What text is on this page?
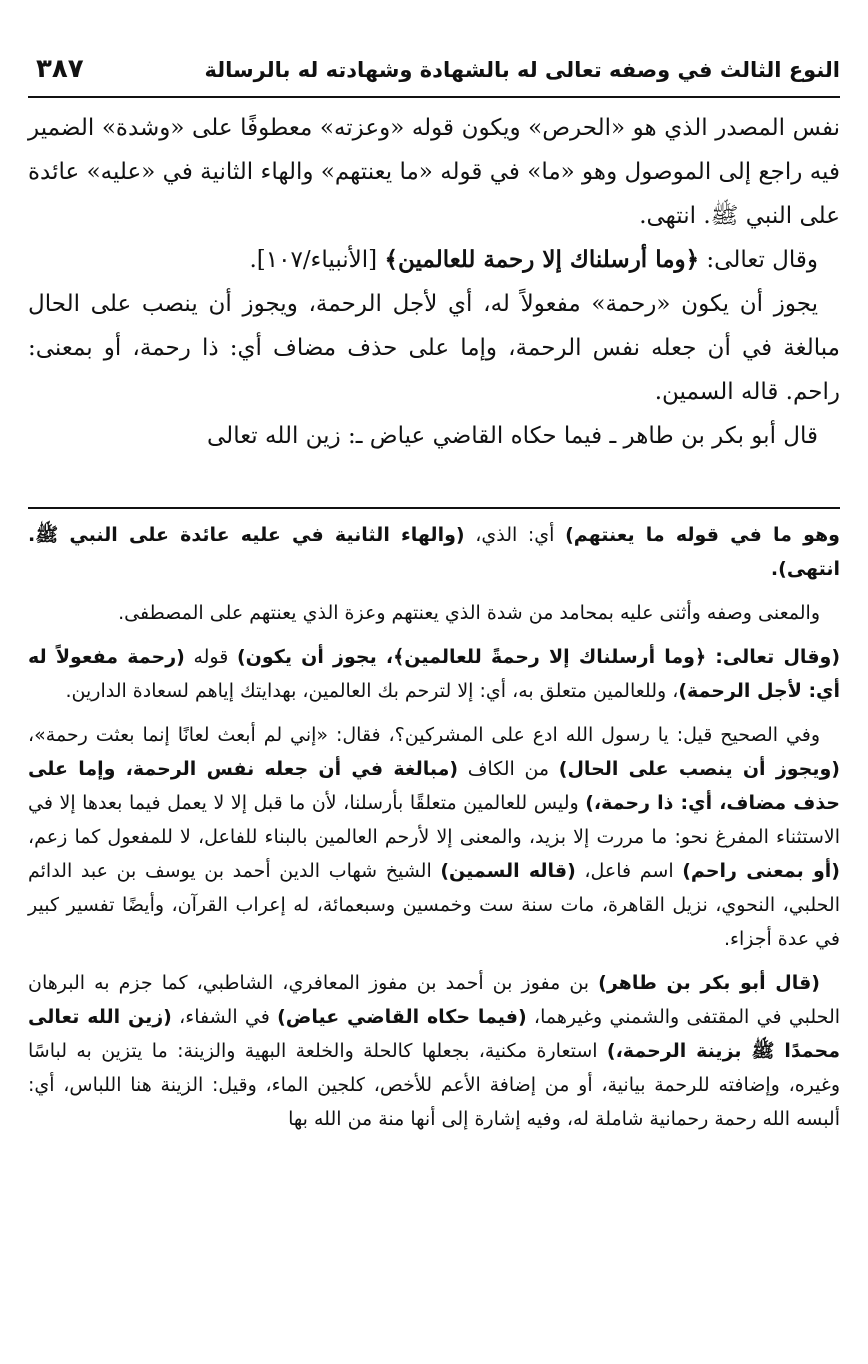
النوع الثالث في وصفه تعالى له بالشهادة وشهادته له بالرسالة
٣٨٧

نفس المصدر الذي هو «الحرص» ويكون قوله «وعزته» معطوفًا على «وشدة» الضمير فيه راجع إلى الموصول وهو «ما» في قوله «ما يعنتهم» والهاء الثانية في «عليه» عائدة على النبي ﷺ. انتهى.

وقال تعالى: ﴿وما أرسلناك إلا رحمة للعالمين﴾ [الأنبياء/١٠٧].

يجوز أن يكون «رحمة» مفعولاً له، أي لأجل الرحمة، ويجوز أن ينصب على الحال مبالغة في أن جعله نفس الرحمة، وإما على حذف مضاف أي: ذا رحمة، أو بمعنى: راحم. قاله السمين.

قال أبو بكر بن طاهر ـ فيما حكاه القاضي عياض ـ: زين الله تعالى

وهو ما في قوله ما يعنتهم) أي: الذي، (والهاء الثانية في عليه عائدة على النبي ﷺ. انتهى).

والمعنى وصفه وأثنى عليه بمحامد من شدة الذي يعنتهم وعزة الذي يعنتهم على المصطفى.

(وقال تعالى: ﴿وما أرسلناك إلا رحمةً للعالمين﴾، يجوز أن يكون) قوله (رحمة مفعولاً له أي: لأجل الرحمة)، وللعالمين متعلق به، أي: إلا لترحم بك العالمين، بهدايتك إياهم لسعادة الدارين.

وفي الصحيح قيل: يا رسول الله ادع على المشركين؟، فقال: «إني لم أبعث لعانًا إنما بعثت رحمة»، (ويجوز أن ينصب على الحال) من الكاف (مبالغة في أن جعله نفس الرحمة، وإما على حذف مضاف، أي: ذا رحمة،) وليس للعالمين متعلقًا بأرسلنا، لأن ما قبل إلا لا يعمل فيما بعدها إلا في الاستثناء المفرغ نحو: ما مررت إلا بزيد، والمعنى إلا لأرحم العالمين بالبناء للفاعل، لا للمفعول كما زعم، (أو بمعنى راحم) اسم فاعل، (قاله السمين) الشيخ شهاب الدين أحمد بن يوسف بن عبد الدائم الحلبي، النحوي، نزيل القاهرة، مات سنة ست وخمسين وسبعمائة، له إعراب القرآن، وأيضًا تفسير كبير في عدة أجزاء.

(قال أبو بكر بن طاهر) بن مفوز بن أحمد بن مفوز المعافري، الشاطبي، كما جزم به البرهان الحلبي في المقتفى والشمني وغيرهما، (فيما حكاه القاضي عياض) في الشفاء، (زين الله تعالى محمدًا ﷺ بزينة الرحمة،) استعارة مكنية، بجعلها كالحلة والخلعة البهية والزينة: ما يتزين به لباسًا وغيره، وإضافته للرحمة بيانية، أو من إضافة الأعم للأخص، كلجين الماء، وقيل: الزينة هنا اللباس، أي: ألبسه الله رحمة رحمانية شاملة له، وفيه إشارة إلى أنها منة من الله بها
